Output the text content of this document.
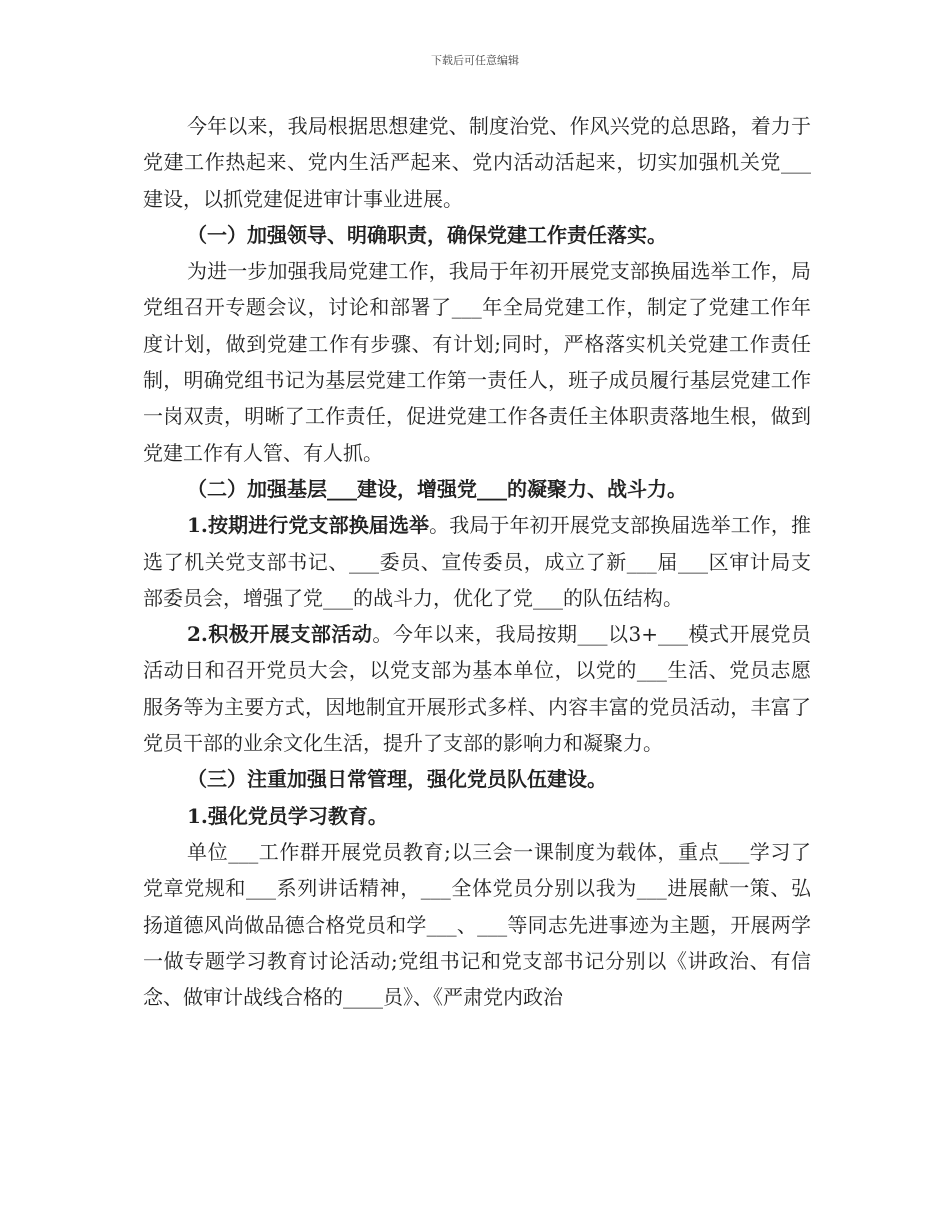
下载后可任意编辑

今年以来，我局根据思想建党、制度治党、作风兴党的总思路，着力于党建工作热起来、党内生活严起来、党内活动活起来，切实加强机关党___建设，以抓党建促进审计事业进展。

（一）加强领导、明确职责，确保党建工作责任落实。

为进一步加强我局党建工作，我局于年初开展党支部换届选举工作，局党组召开专题会议，讨论和部署了___年全局党建工作，制定了党建工作年度计划，做到党建工作有步骤、有计划;同时，严格落实机关党建工作责任制，明确党组书记为基层党建工作第一责任人，班子成员履行基层党建工作一岗双责，明晰了工作责任，促进党建工作各责任主体职责落地生根，做到党建工作有人管、有人抓。

（二）加强基层___建设，增强党___的凝聚力、战斗力。

1.按期进行党支部换届选举。我局于年初开展党支部换届选举工作，推选了机关党支部书记、___委员、宣传委员，成立了新___届___区审计局支部委员会，增强了党___的战斗力，优化了党___的队伍结构。

2.积极开展支部活动。今年以来，我局按期___以3+___模式开展党员活动日和召开党员大会，以党支部为基本单位，以党的___生活、党员志愿服务等为主要方式，因地制宜开展形式多样、内容丰富的党员活动，丰富了党员干部的业余文化生活，提升了支部的影响力和凝聚力。

（三）注重加强日常管理，强化党员队伍建设。

1.强化党员学习教育。

单位___工作群开展党员教育;以三会一课制度为载体，重点___学习了党章党规和___系列讲话精神，___全体党员分别以我为___进展献一策、弘扬道德风尚做品德合格党员和学___、___等同志先进事迹为主题，开展两学一做专题学习教育讨论活动;党组书记和党支部书记分别以《讲政治、有信念、做审计战线合格的____员》、《严肃党内政治
